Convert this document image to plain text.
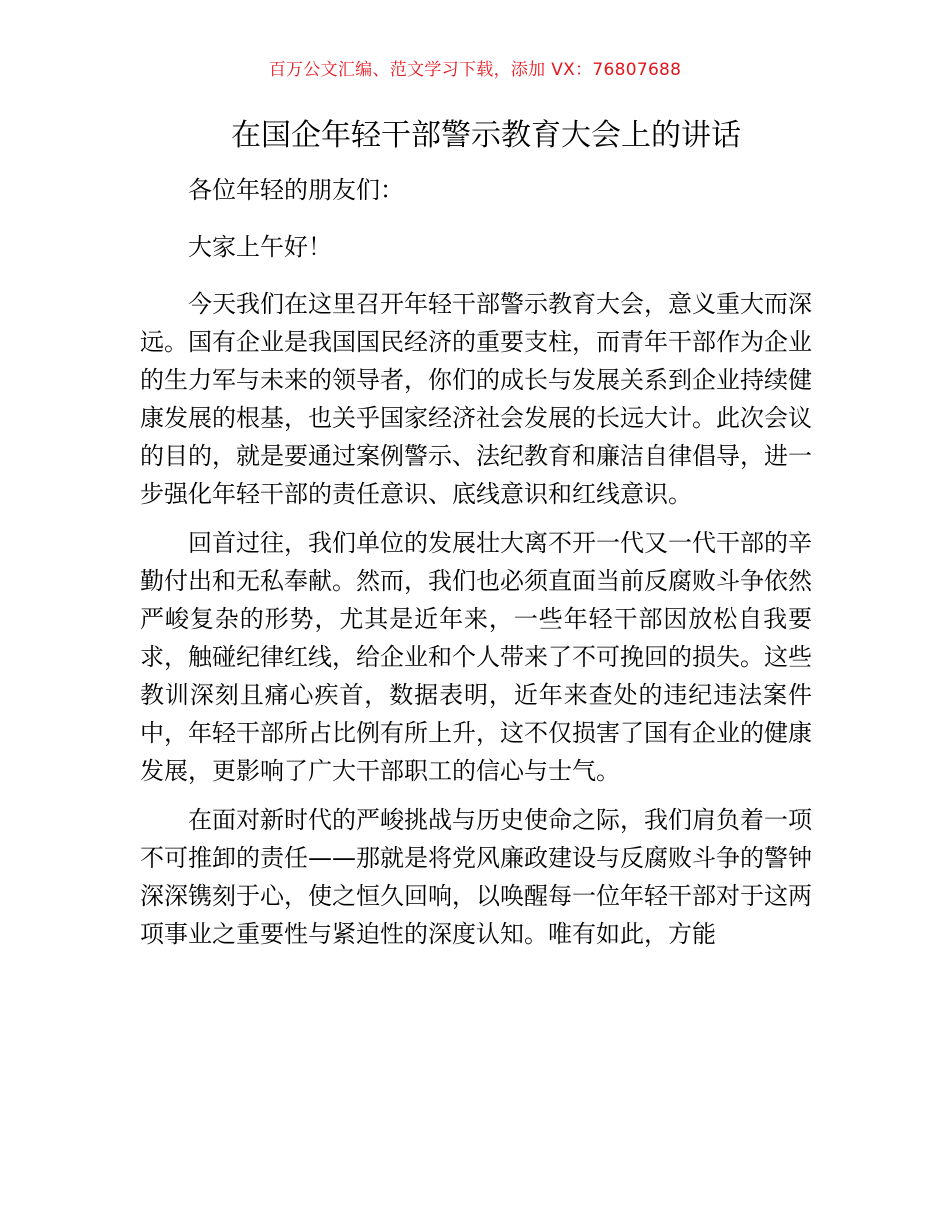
百万公文汇编、范文学习下载，添加 VX：76807688
在国企年轻干部警示教育大会上的讲话

各位年轻的朋友们：

大家上午好！

今天我们在这里召开年轻干部警示教育大会，意义重大而深远。国有企业是我国国民经济的重要支柱，而青年干部作为企业的生力军与未来的领导者，你们的成长与发展关系到企业持续健康发展的根基，也关乎国家经济社会发展的长远大计。此次会议的目的，就是要通过案例警示、法纪教育和廉洁自律倡导，进一步强化年轻干部的责任意识、底线意识和红线意识。

回首过往，我们单位的发展壮大离不开一代又一代干部的辛勤付出和无私奉献。然而，我们也必须直面当前反腐败斗争依然严峻复杂的形势，尤其是近年来，一些年轻干部因放松自我要求，触碰纪律红线，给企业和个人带来了不可挽回的损失。这些教训深刻且痛心疾首，数据表明，近年来查处的违纪违法案件中，年轻干部所占比例有所上升，这不仅损害了国有企业的健康发展，更影响了广大干部职工的信心与士气。

在面对新时代的严峻挑战与历史使命之际，我们肩负着一项不可推卸的责任——那就是将党风廉政建设与反腐败斗争的警钟深深镌刻于心，使之恒久回响，以唤醒每一位年轻干部对于这两项事业之重要性与紧迫性的深度认知。唯有如此，方能
